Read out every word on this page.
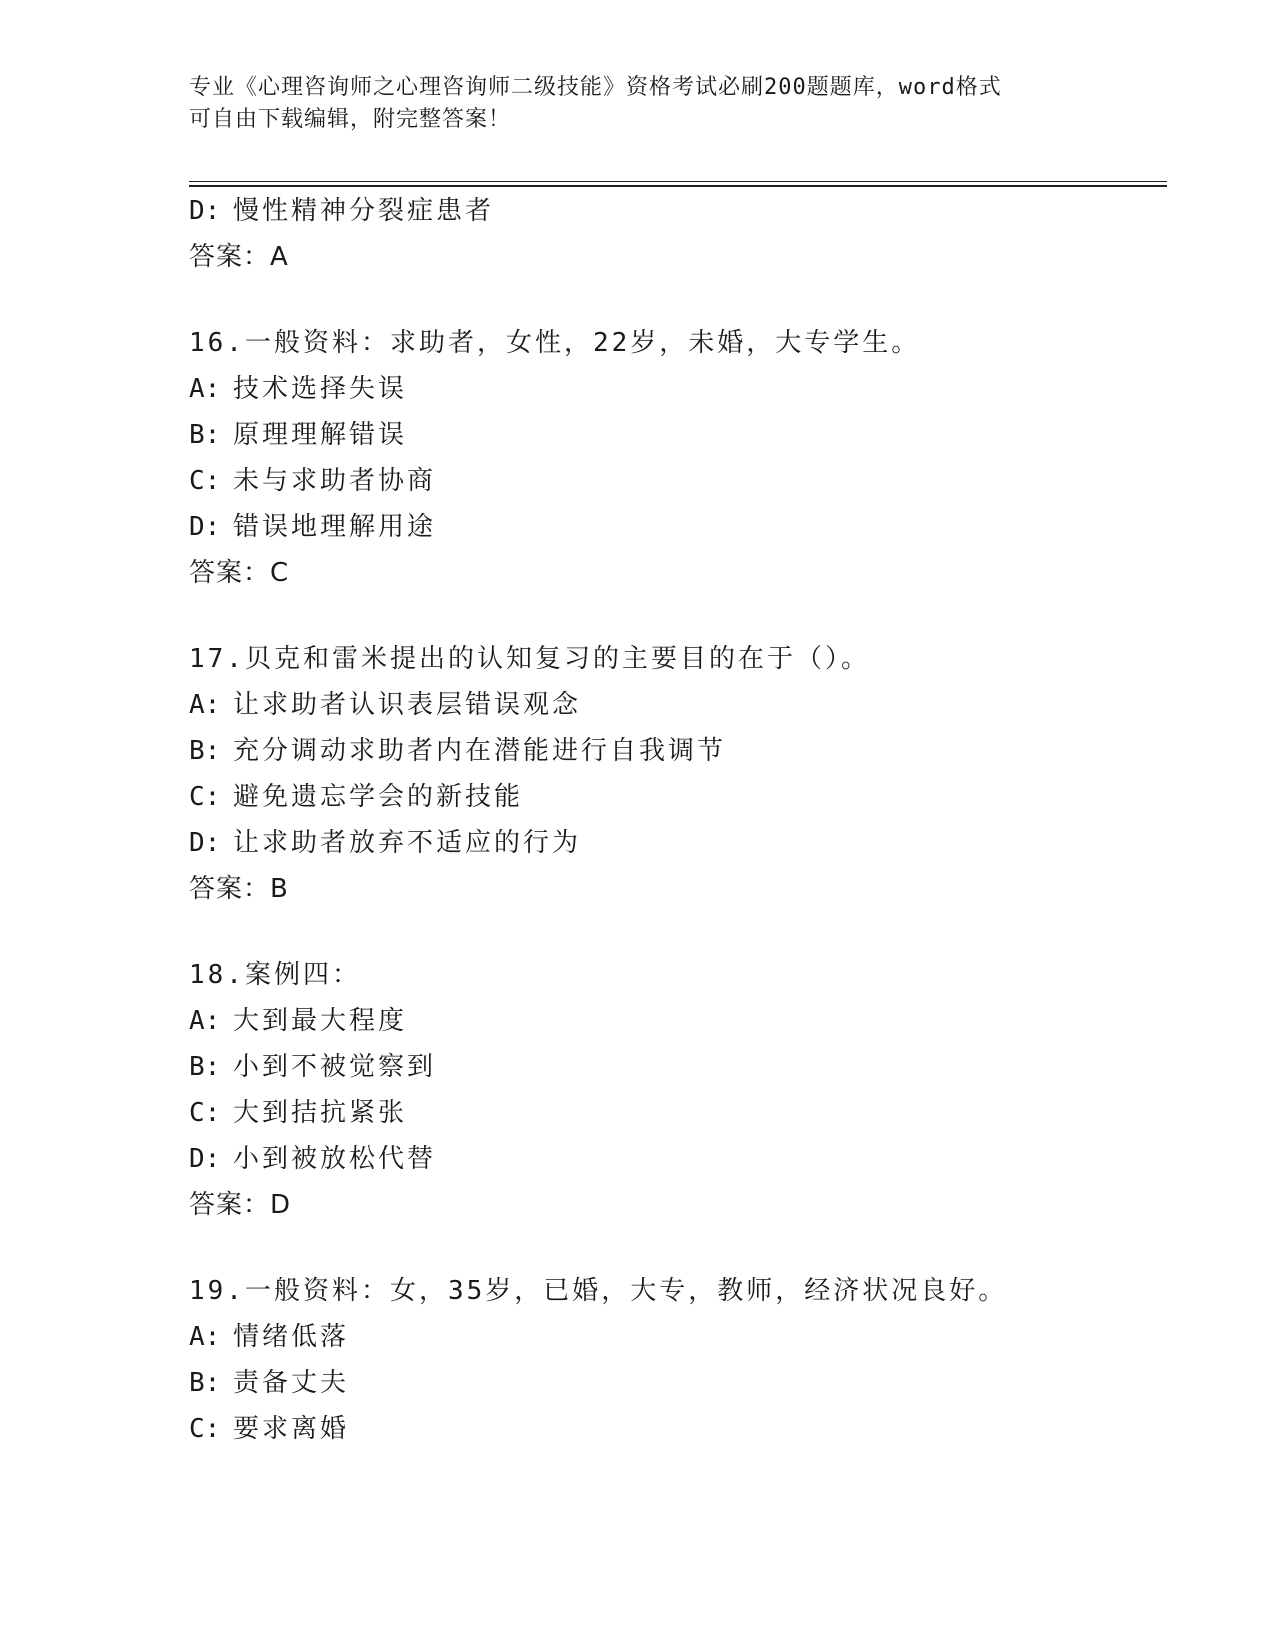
专业《心理咨询师之心理咨询师二级技能》资格考试必刷200题题库，word格式
可自由下载编辑，附完整答案！
D: 慢性精神分裂症患者
答案：A
16.一般资料：求助者，女性，22岁，未婚，大专学生。
A: 技术选择失误
B: 原理理解错误
C: 未与求助者协商
D: 错误地理解用途
答案：C
17.贝克和雷米提出的认知复习的主要目的在于（）。
A: 让求助者认识表层错误观念
B: 充分调动求助者内在潜能进行自我调节
C: 避免遗忘学会的新技能
D: 让求助者放弃不适应的行为
答案：B
18.案例四：
A: 大到最大程度
B: 小到不被觉察到
C: 大到拮抗紧张
D: 小到被放松代替
答案：D
19.一般资料：女，35岁，已婚，大专，教师，经济状况良好。
A: 情绪低落
B: 责备丈夫
C: 要求离婚
